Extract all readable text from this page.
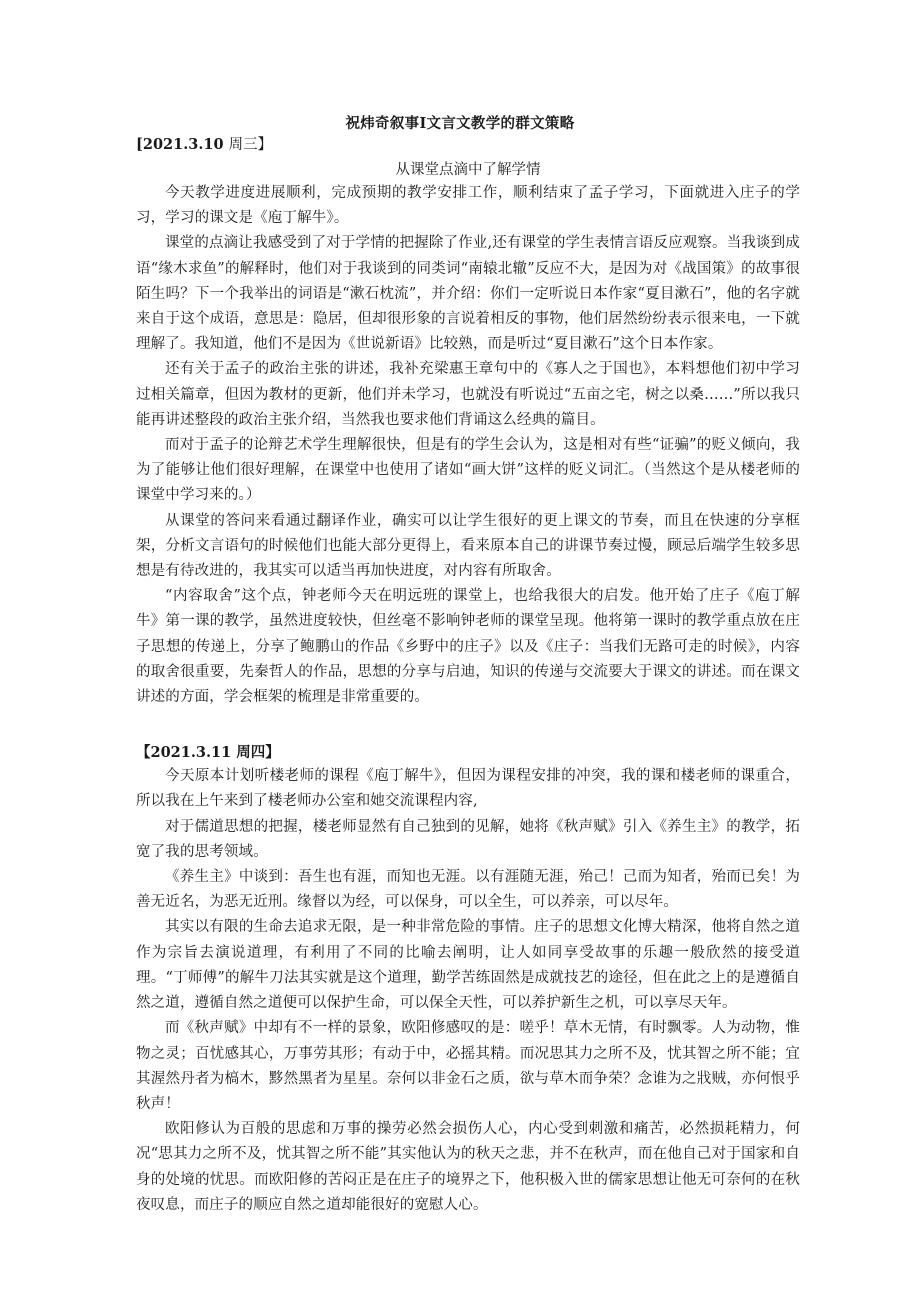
祝炜奇叙事I文言文教学的群文策略
[2021.3.10 周三】
从课堂点滴中了解学情

今天教学进度进展顺利，完成预期的教学安排工作，顺利结束了孟子学习，下面就进入庄子的学习，学习的课文是《庖丁解牛》。

课堂的点滴让我感受到了对于学情的把握除了作业,还有课堂的学生表情言语反应观察。当我谈到成语“缘木求鱼”的解释时，他们对于我谈到的同类词“南辕北辙”反应不大，是因为对《战国策》的故事很陌生吗？下一个我举出的词语是“漱石枕流”，并介绍：你们一定听说日本作家“夏目漱石”，他的名字就来自于这个成语，意思是：隐居，但却很形象的言说着相反的事物，他们居然纷纷表示很来电，一下就理解了。我知道，他们不是因为《世说新语》比较熟，而是听过“夏目漱石”这个日本作家。

还有关于孟子的政治主张的讲述，我补充梁惠王章句中的《寡人之于国也》，本料想他们初中学习过相关篇章，但因为教材的更新，他们并未学习，也就没有听说过“五亩之宅，树之以桑……”所以我只能再讲述整段的政治主张介绍，当然我也要求他们背诵这么经典的篇目。

而对于孟子的论辩艺术学生理解很快，但是有的学生会认为，这是相对有些“证骗”的贬义倾向，我为了能够让他们很好理解，在课堂中也使用了诸如“画大饼”这样的贬义词汇。（当然这个是从楼老师的课堂中学习来的。）

从课堂的答问来看通过翻译作业，确实可以让学生很好的更上课文的节奏，而且在快速的分享框架，分析文言语句的时候他们也能大部分更得上，看来原本自己的讲课节奏过慢，顾忌后端学生较多思想是有待改进的，我其实可以适当再加快进度，对内容有所取舍。

“内容取舍”这个点，钟老师今天在明远班的课堂上，也给我很大的启发。他开始了庄子《庖丁解牛》第一课的教学，虽然进度较快，但丝毫不影响钟老师的课堂呈现。他将第一课时的教学重点放在庄子思想的传递上，分享了鲍鹏山的作品《乡野中的庄子》以及《庄子：当我们无路可走的时候》，内容的取舍很重要，先秦哲人的作品，思想的分享与启迪，知识的传递与交流要大于课文的讲述。而在课文讲述的方面，学会框架的梳理是非常重要的。

【2021.3.11 周四】

今天原本计划听楼老师的课程《庖丁解牛》，但因为课程安排的冲突，我的课和楼老师的课重合，所以我在上午来到了楼老师办公室和她交流课程内容,

对于儒道思想的把握，楼老师显然有自己独到的见解，她将《秋声赋》引入《养生主》的教学，拓宽了我的思考领域。

《养生主》中谈到：吾生也有涯，而知也无涯。以有涯随无涯，殆己！己而为知者，殆而已矣！为善无近名，为恶无近刑。缘督以为经，可以保身，可以全生，可以养亲，可以尽年。

其实以有限的生命去追求无限，是一种非常危险的事情。庄子的思想文化博大精深，他将自然之道作为宗旨去演说道理，有利用了不同的比喻去阐明，让人如同享受故事的乐趣一般欣然的接受道理。“丁师傅”的解牛刀法其实就是这个道理，勤学苦练固然是成就技艺的途径，但在此之上的是遵循自然之道，遵循自然之道便可以保护生命，可以保全天性，可以养护新生之机，可以享尽天年。

而《秋声赋》中却有不一样的景象，欧阳修感叹的是：嗟乎！草木无情，有时飘零。人为动物，惟物之灵；百忧感其心，万事劳其形；有动于中，必摇其精。而况思其力之所不及，忧其智之所不能；宜其渥然丹者为槁木，黟然黑者为星星。奈何以非金石之质，欲与草木而争荣？念谁为之戕贼，亦何恨乎秋声！

欧阳修认为百般的思虑和万事的操劳必然会损伤人心，内心受到刺激和痛苦，必然损耗精力，何况“思其力之所不及，忧其智之所不能”其实他认为的秋天之悲，并不在秋声，而在他自己对于国家和自身的处境的忧思。而欧阳修的苦闷正是在庄子的境界之下，他积极入世的儒家思想让他无可奈何的在秋夜叹息，而庄子的顺应自然之道却能很好的宽慰人心。
